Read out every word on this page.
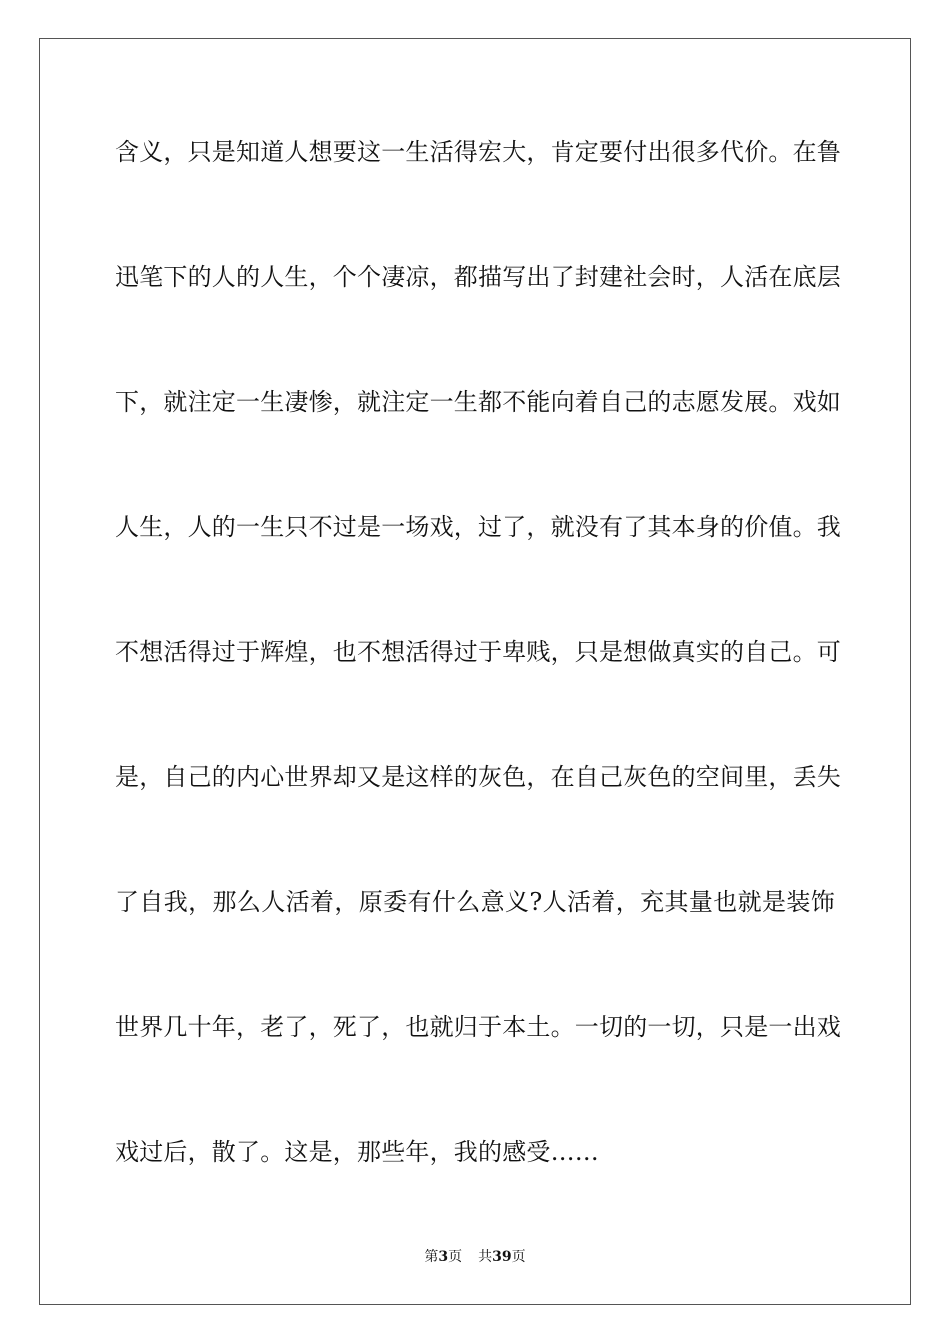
含义，只是知道人想要这一生活得宏大，肯定要付出很多代价。在鲁
迅笔下的人的人生，个个凄凉，都描写出了封建社会时，人活在底层
下，就注定一生凄惨，就注定一生都不能向着自己的志愿发展。戏如
人生，人的一生只不过是一场戏，过了，就没有了其本身的价值。我
不想活得过于辉煌，也不想活得过于卑贱，只是想做真实的自己。可
是，自己的内心世界却又是这样的灰色，在自己灰色的空间里，丢失
了自我，那么人活着，原委有什么意义?人活着，充其量也就是装饰
世界几十年，老了，死了，也就归于本土。一切的一切，只是一出戏
戏过后，散了。这是，那些年，我的感受……
第3页 共39页
